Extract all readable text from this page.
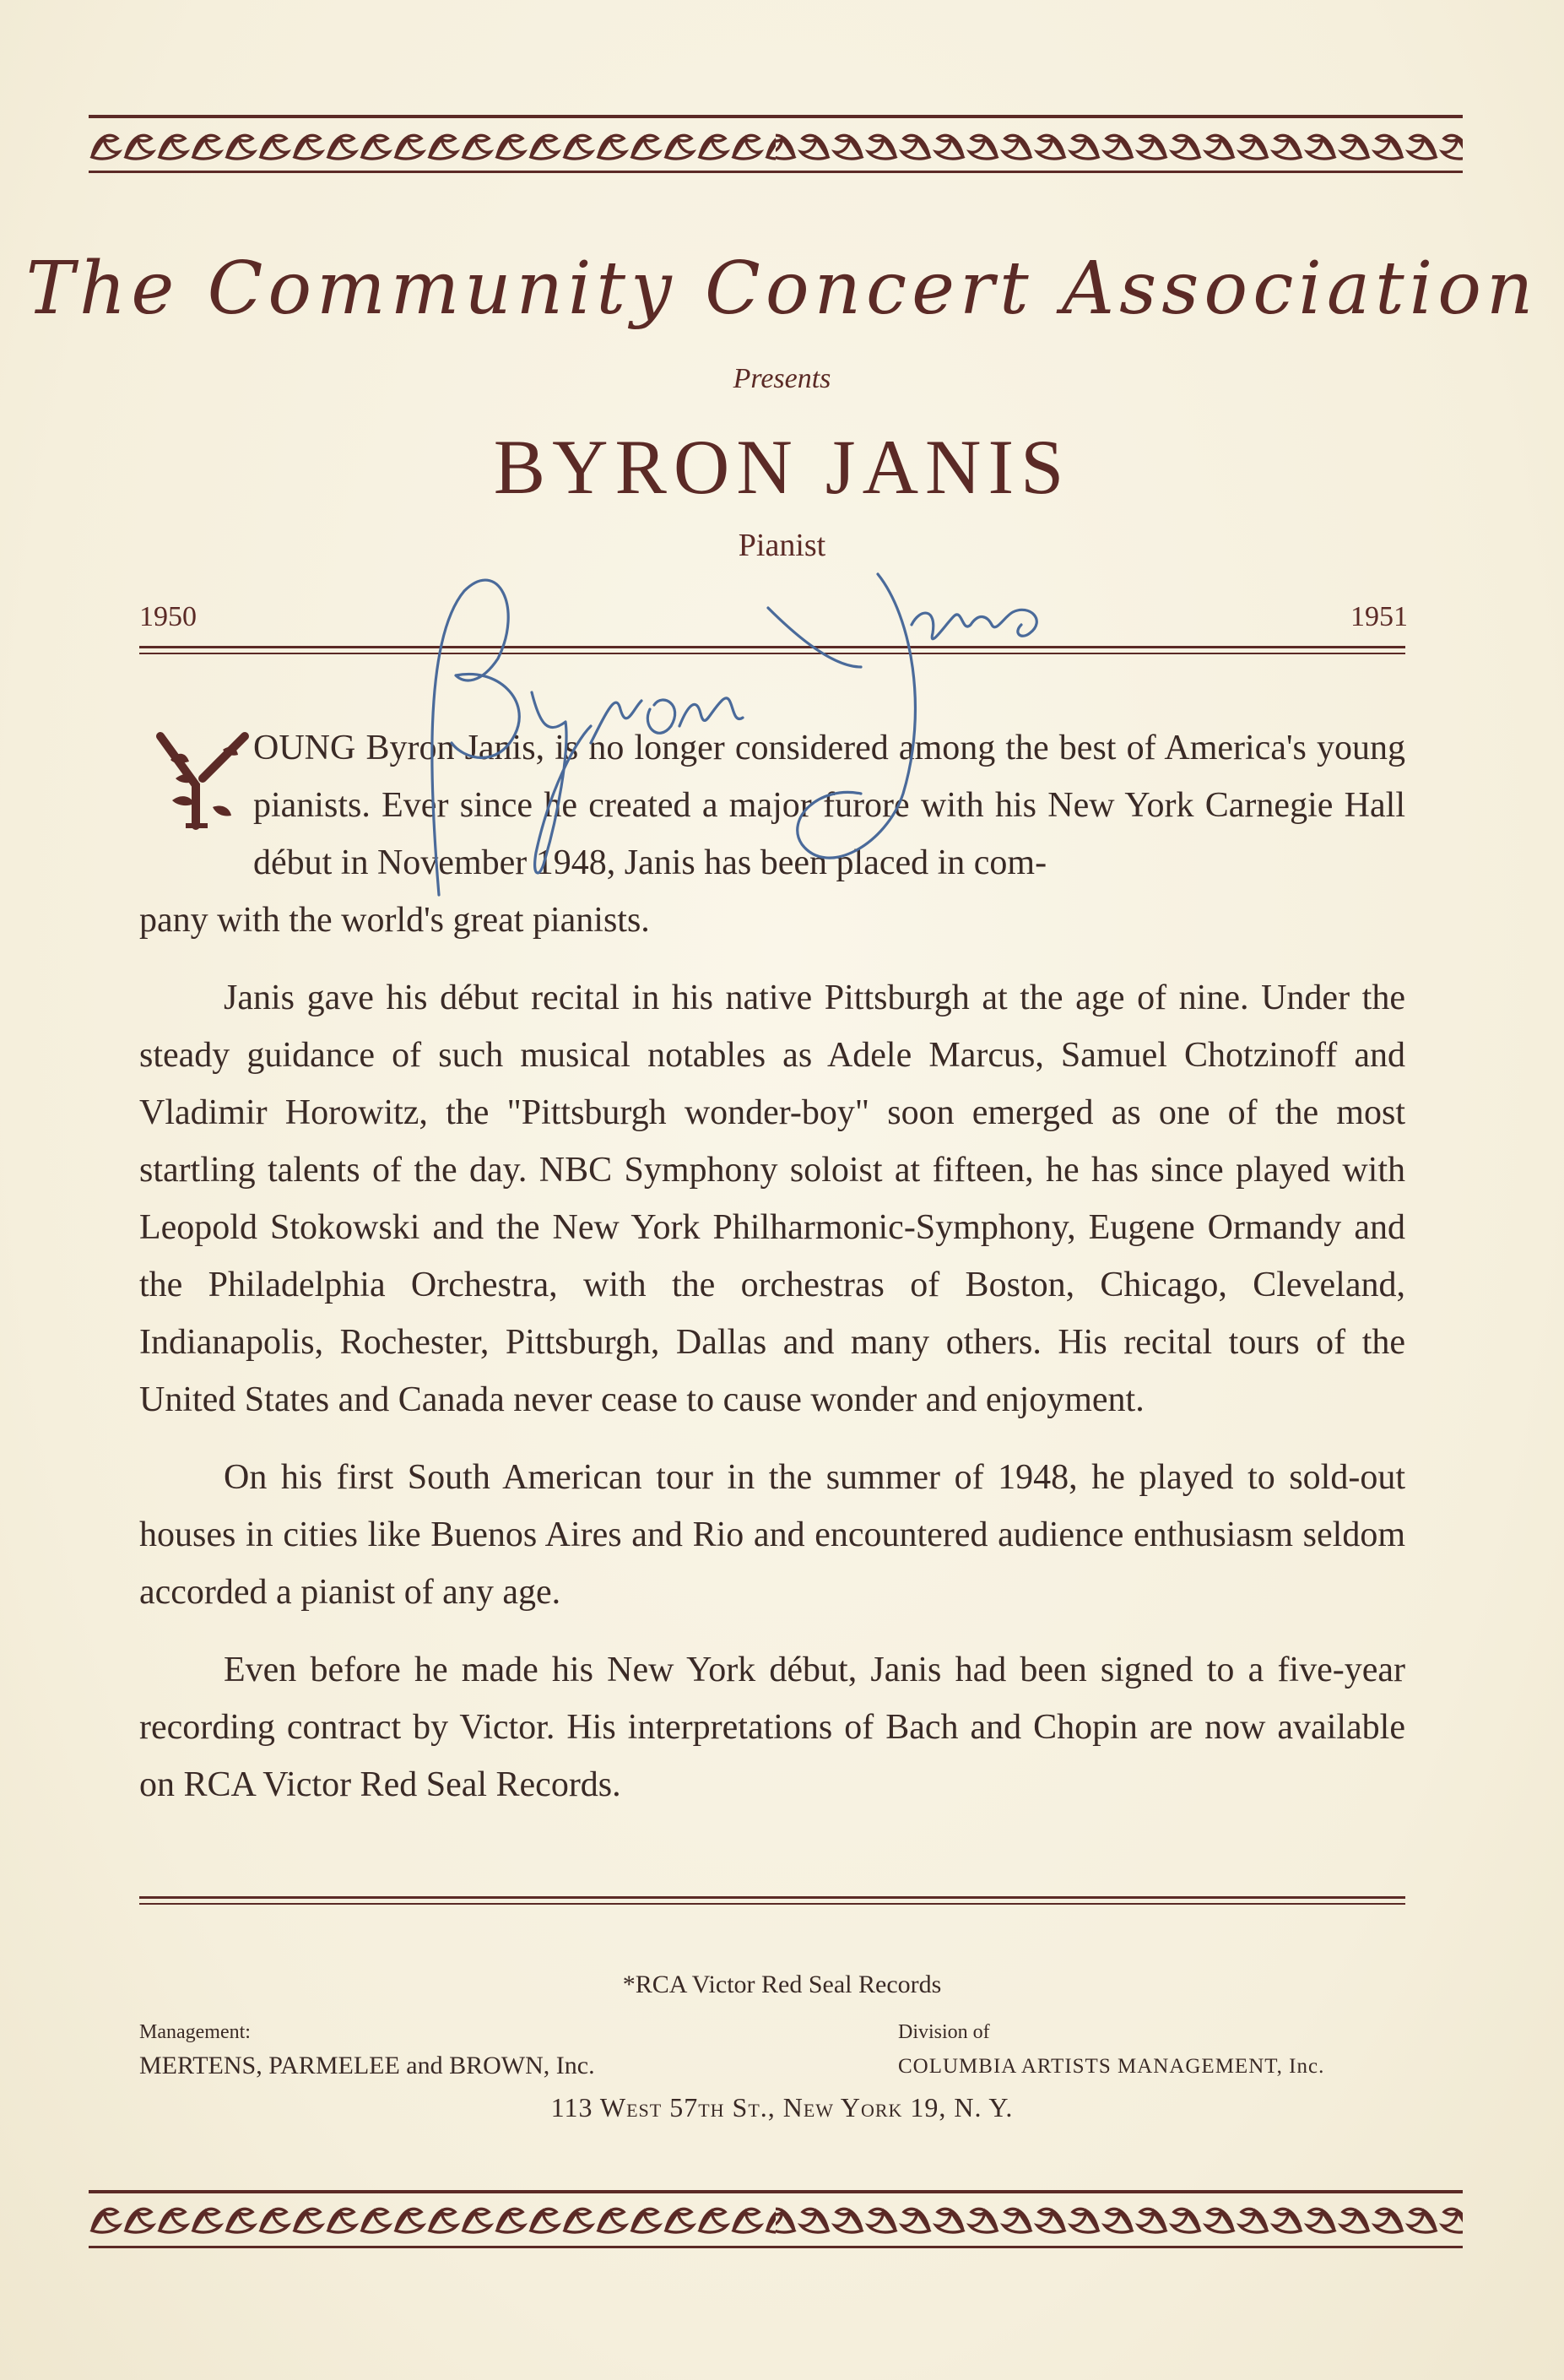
The Community Concert Association
Presents
BYRON JANIS
Pianist
1950	1951
OUNG Byron Janis, is no longer considered among the best of America's young pianists. Ever since he created a major furore with his New York Carnegie Hall début in November 1948, Janis has been placed in com-
pany with the world's great pianists.

Janis gave his début recital in his native Pittsburgh at the age of nine. Under the steady guidance of such musical notables as Adele Marcus, Samuel Chotzinoff and Vladimir Horowitz, the "Pittsburgh wonder-boy" soon emerged as one of the most startling talents of the day. NBC Symphony soloist at fifteen, he has since played with Leopold Stokowski and the New York Philharmonic-Symphony, Eugene Ormandy and the Philadelphia Orchestra, with the orchestras of Boston, Chicago, Cleveland, Indianapolis, Rochester, Pittsburgh, Dallas and many others. His recital tours of the United States and Canada never cease to cause wonder and enjoyment.

On his first South American tour in the summer of 1948, he played to sold-out houses in cities like Buenos Aires and Rio and encountered audience enthusiasm seldom accorded a pianist of any age.

Even before he made his New York début, Janis had been signed to a five-year recording contract by Victor. His interpretations of Bach and Chopin are now available on RCA Victor Red Seal Records.

*RCA Victor Red Seal Records
Management:
MERTENS, PARMELEE and BROWN, Inc.
Division of
COLUMBIA ARTISTS MANAGEMENT, Inc.
113 West 57th St., New York 19, N. Y.
